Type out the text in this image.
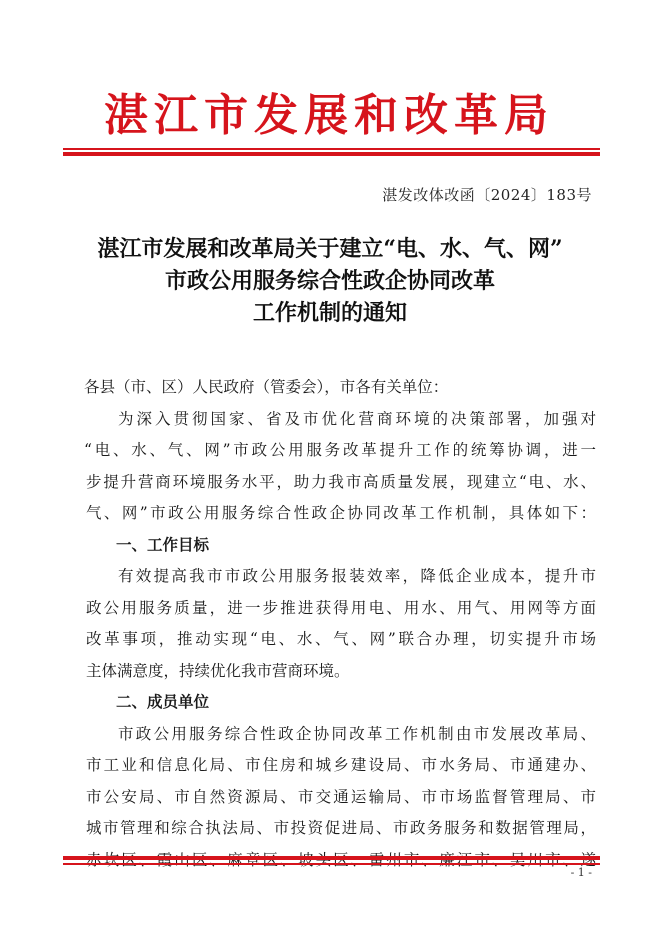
湛江市发展和改革局
湛发改体改函〔2024〕183号
湛江市发展和改革局关于建立“电、水、气、网”
市政公用服务综合性政企协同改革
工作机制的通知
各县（市、区）人民政府（管委会），市各有关单位：
为深入贯彻国家、省及市优化营商环境的决策部署，加强对
“电、水、气、网”市政公用服务改革提升工作的统筹协调，进一
步提升营商环境服务水平，助力我市高质量发展，现建立“电、水、
气、网”市政公用服务综合性政企协同改革工作机制，具体如下：
一、工作目标
有效提高我市市政公用服务报装效率，降低企业成本，提升市
政公用服务质量，进一步推进获得用电、用水、用气、用网等方面
改革事项，推动实现“电、水、气、网”联合办理，切实提升市场
主体满意度，持续优化我市营商环境。
二、成员单位
市政公用服务综合性政企协同改革工作机制由市发展改革局、
市工业和信息化局、市住房和城乡建设局、市水务局、市通建办、
市公安局、市自然资源局、市交通运输局、市市场监督管理局、市
城市管理和综合执法局、市投资促进局、市政务服务和数据管理局，
- 1 -
